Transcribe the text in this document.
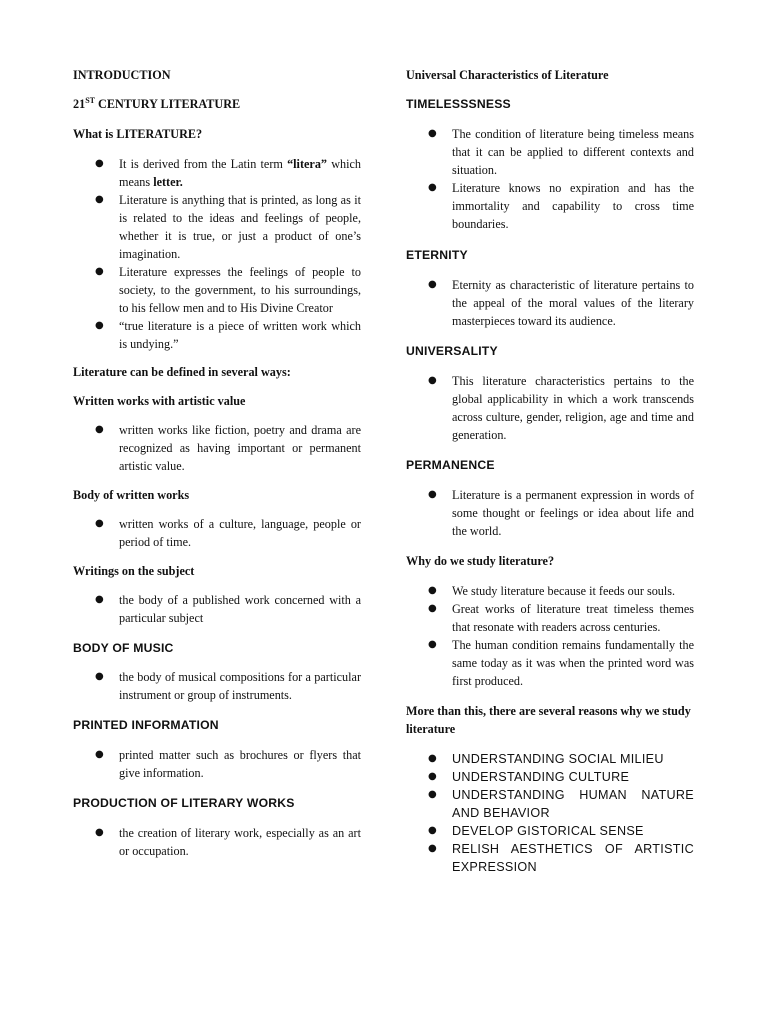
INTRODUCTION

21ST CENTURY LITERATURE

What is LITERATURE?

● It is derived from the Latin term “litera” which means letter.
● Literature is anything that is printed, as long as it is related to the ideas and feelings of people, whether it is true, or just a product of one’s imagination.
● Literature expresses the feelings of people to society, to the government, to his surroundings, to his fellow men and to His Divine Creator
● “true literature is a piece of written work which is undying.”

Literature can be defined in several ways:

Written works with artistic value

● written works like fiction, poetry and drama are recognized as having important or permanent artistic value.

Body of written works

● written works of a culture, language, people or period of time.

Writings on the subject

● the body of a published work concerned with a particular subject

BODY OF MUSIC

● the body of musical compositions for a particular instrument or group of instruments.

PRINTED INFORMATION

● printed matter such as brochures or flyers that give information.

PRODUCTION OF LITERARY WORKS

● the creation of literary work, especially as an art or occupation.

Universal Characteristics of Literature

TIMELESSSNESS

● The condition of literature being timeless means that it can be applied to different contexts and situation.
● Literature knows no expiration and has the immortality and capability to cross time boundaries.

ETERNITY

● Eternity as characteristic of literature pertains to the appeal of the moral values of the literary masterpieces toward its audience.

UNIVERSALITY

● This literature characteristics pertains to the global applicability in which a work transcends across culture, gender, religion, age and time and generation.

PERMANENCE

● Literature is a permanent expression in words of some thought or feelings or idea about life and the world.

Why do we study literature?

● We study literature because it feeds our souls.
● Great works of literature treat timeless themes that resonate with readers across centuries.
● The human condition remains fundamentally the same today as it was when the printed word was first produced.

More than this, there are several reasons why we study literature

● UNDERSTANDING SOCIAL MILIEU
● UNDERSTANDING CULTURE
● UNDERSTANDING HUMAN NATURE AND BEHAVIOR
● DEVELOP GISTORICAL SENSE
● RELISH AESTHETICS OF ARTISTIC EXPRESSION
